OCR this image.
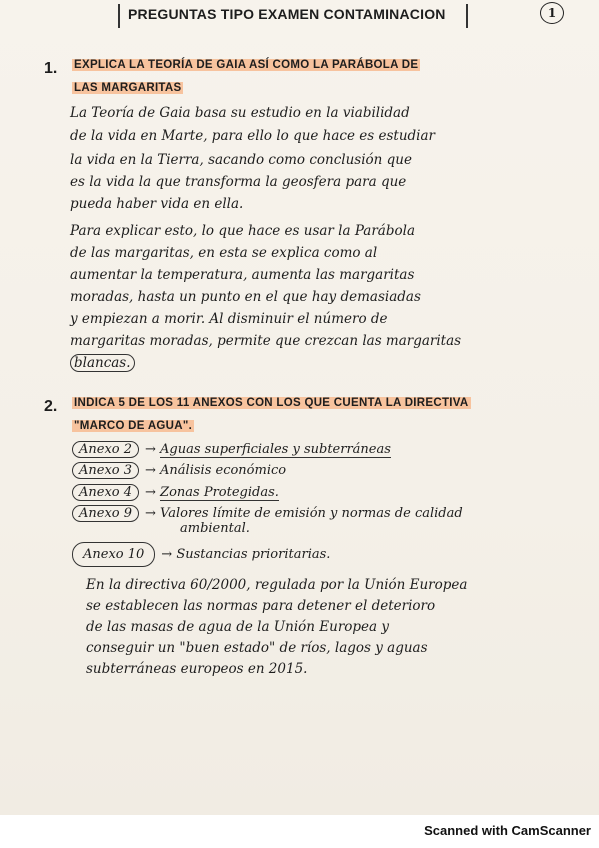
PREGUNTAS TIPO EXAMEN CONTAMINACION	1
1. EXPLICA LA TEORÍA DE GAIA ASÍ COMO LA PARÁBOLA DE
LAS MARGARITAS
La Teoría de Gaia basa su estudio en la viabilidad
de la vida en Marte, para ello lo que hace es estudiar
la vida en la Tierra, sacando como conclusión que
es la vida la que transforma la geosfera para que
pueda haber vida en ella.
Para explicar esto, lo que hace es usar la Parábola
de las margaritas, en esta se explica como al
aumentar la temperatura, aumenta las margaritas
moradas, hasta un punto en el que hay demasiadas
y empiezan a morir. Al disminuir el número de
margaritas moradas, permite que crezcan las margaritas
blancas.
2. INDICA 5 DE LOS 11 ANEXOS CON LOS QUE CUENTA LA DIRECTIVA
"MARCO DE AGUA".
Anexo 2 → Aguas superficiales y subterráneas
Anexo 3 → Análisis económico
Anexo 4 → Zonas Protegidas.
Anexo 9 → Valores límite de emisión y normas de calidad
ambiental.
Anexo 10 → Sustancias prioritarias.
En la directiva 60/2000, regulada por la Unión Europea
se establecen las normas para detener el deterioro
de las masas de agua de la Unión Europea y
conseguir un "buen estado" de ríos, lagos y aguas
subterráneas europeos en 2015.
Scanned with CamScanner
